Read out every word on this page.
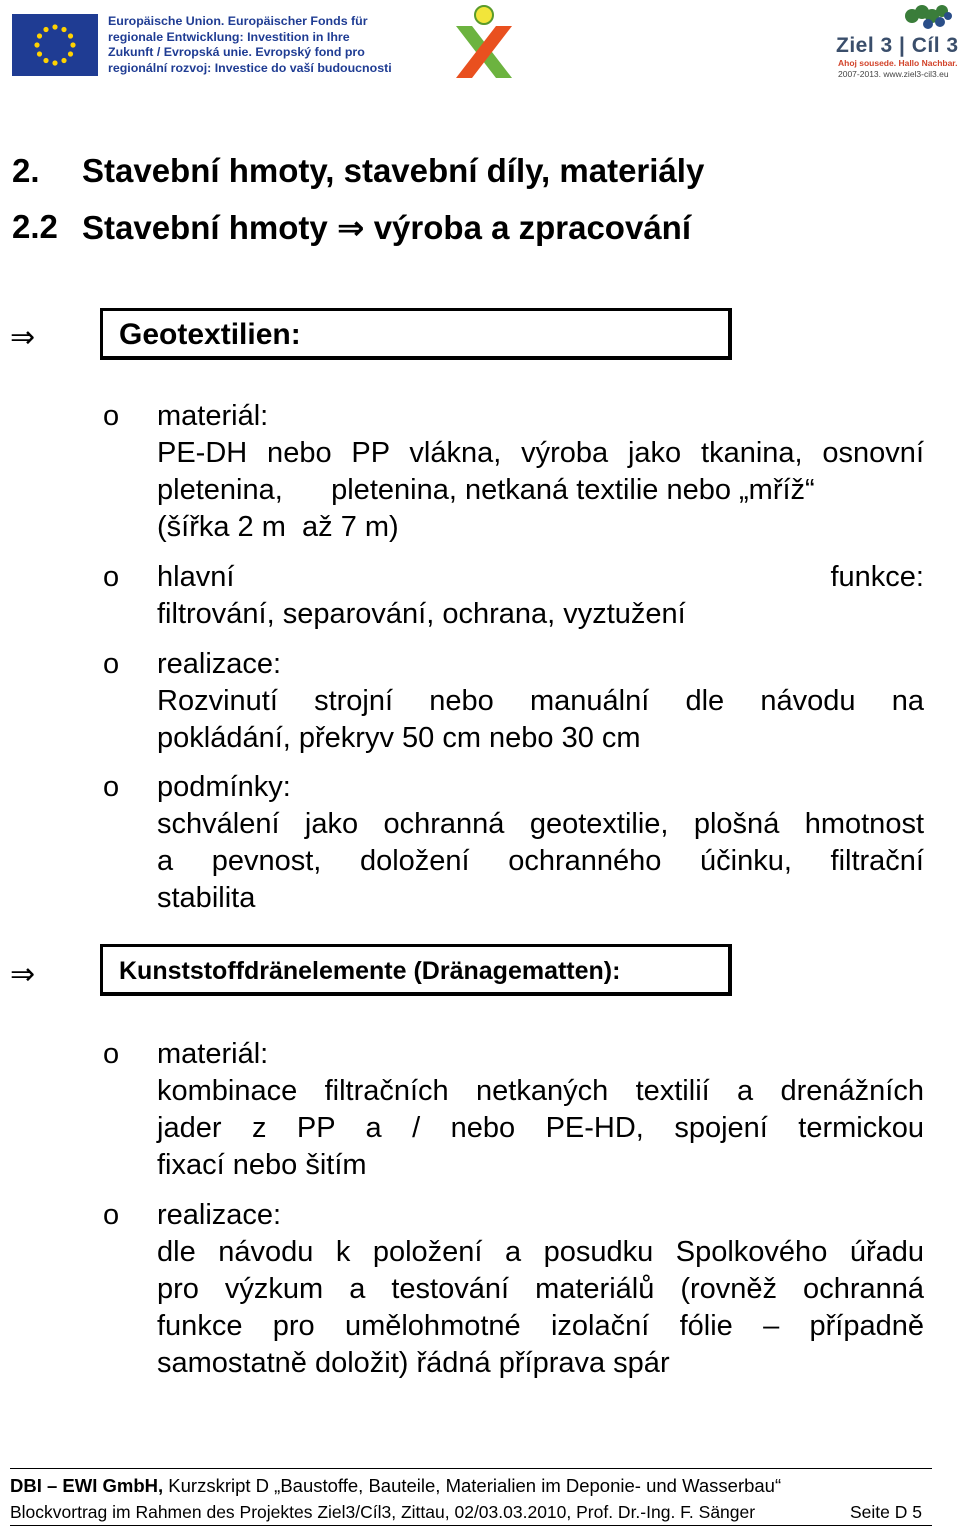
Europäische Union. Europäischer Fonds für
regionale Entwicklung: Investition in Ihre
Zukunft / Evropská unie. Evropský fond pro
regionální rozvoj: Investice do vaší budoucnosti
Ziel 3 | Cíl 3
Ahoj sousede. Hallo Nachbar.
2007-2013. www.ziel3-cil3.eu
2. Stavební hmoty, stavební díly, materiály
2.2 Stavební hmoty ⇒ výroba a zpracování
⇒	Geotextilien:
o materiál:
PE-DH nebo PP vlákna, výroba jako tkanina, osnovní
pletenina,      pletenina, netkaná textilie nebo „mříž“
(šířka 2 m  až 7 m)
o hlavní funkce:
filtrování, separování, ochrana, vyztužení
o realizace:
Rozvinutí strojní nebo manuální dle návodu na
pokládání, překryv 50 cm nebo 30 cm
o podmínky:
schválení jako ochranná geotextilie, plošná hmotnost
a pevnost, doložení ochranného účinku, filtrační
stabilita
⇒	Kunststoffdränelemente (Dränagematten):
o materiál:
kombinace filtračních netkaných textilií a drenážních
jader z PP a / nebo PE-HD, spojení termickou
fixací nebo šitím
o realizace:
dle návodu k položení a posudku Spolkového úřadu
pro výzkum a testování materiálů (rovněž ochranná
funkce pro umělohmotné izolační fólie – případně
samostatně doložit) řádná příprava spár
DBI – EWI GmbH, Kurzskript D „Baustoffe, Bauteile, Materialien im Deponie- und Wasserbau“
Blockvortrag im Rahmen des Projektes Ziel3/Cíl3, Zittau, 02/03.03.2010, Prof. Dr.-Ing. F. Sänger	Seite D 5
